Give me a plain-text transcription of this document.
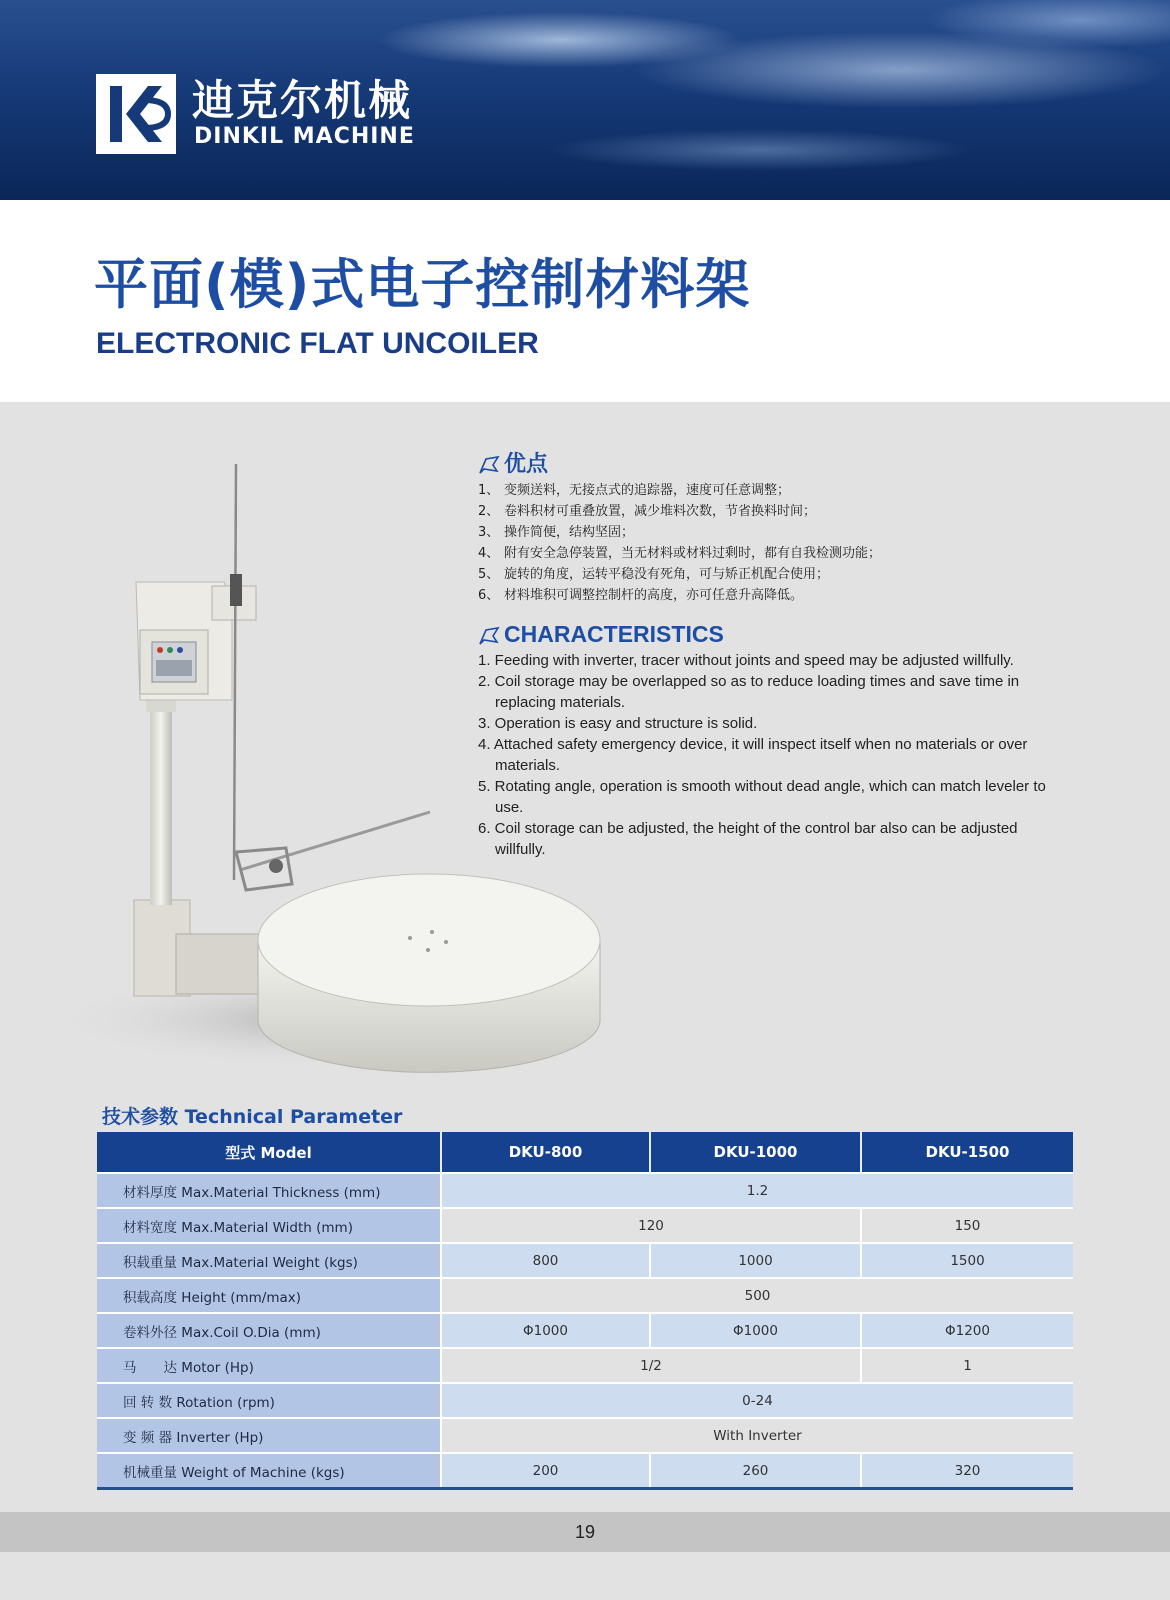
迪克尔机械
DINKIL MACHINE
平面(模)式电子控制材料架
ELECTRONIC FLAT UNCOILER
优点
1、 变频送料，无接点式的追踪器，速度可任意调整；
2、 卷料积材可重叠放置，减少堆料次数，节省换料时间；
3、 操作简便，结构坚固；
4、 附有安全急停装置，当无材料或材料过剩时，都有自我检测功能；
5、 旋转的角度，运转平稳没有死角，可与矫正机配合使用；
6、 材料堆积可调整控制杆的高度，亦可任意升高降低。
CHARACTERISTICS
1. Feeding with inverter, tracer without joints and speed may be adjusted willfully.
2. Coil storage may be overlapped so as to reduce loading times and save time in replacing materials.
3. Operation is easy and structure is solid.
4. Attached safety emergency device, it will inspect itself when no materials or over materials.
5. Rotating angle, operation is smooth without dead angle, which can match leveler to use.
6. Coil storage can be adjusted, the height of the control bar also can be adjusted willfully.
技术参数 Technical Parameter
型式 Model	DKU-800	DKU-1000	DKU-1500
材料厚度 Max.Material Thickness (mm)	1.2		
材料宽度 Max.Material Width (mm)	120		150
积载重量 Max.Material Weight (kgs)	800	1000	1500
积载高度 Height (mm/max)	500		
卷料外径 Max.Coil O.Dia (mm)	Φ1000	Φ1000	Φ1200
马　　达 Motor (Hp)	1/2		1
回 转 数 Rotation (rpm)	0-24		
变 频 器 Inverter (Hp)	With Inverter		
机械重量 Weight of Machine (kgs)	200	260	320
19
